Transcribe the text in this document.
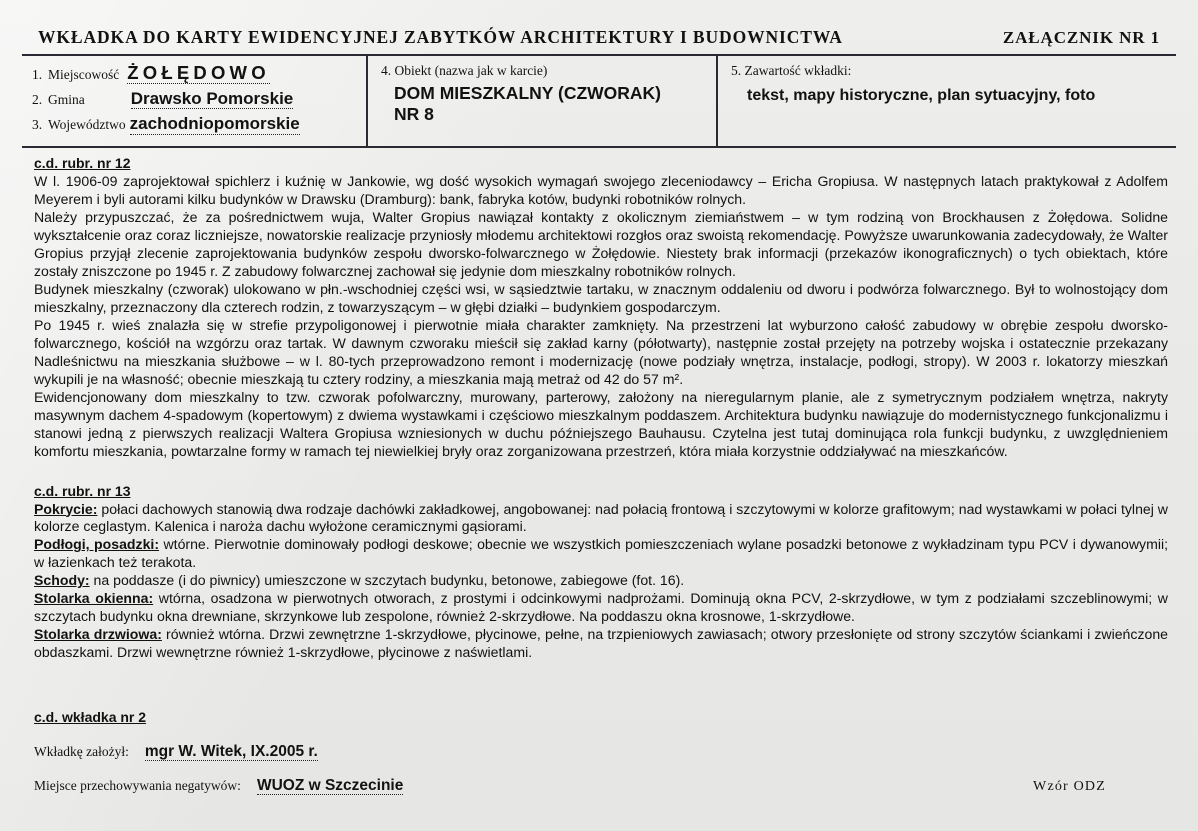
WKŁADKA DO KARTY EWIDENCYJNEJ ZABYTKÓW ARCHITEKTURY I BUDOWNICTWA	ZAŁĄCZNIK NR 1
1. Miejscowość ŻOŁĘDOWO
2. Gmina	Drawsko Pomorskie
3. Województwo zachodniopomorskie
4. Obiekt (nazwa jak w karcie)
DOM MIESZKALNY (CZWORAK)
NR 8
5. Zawartość wkładki:
tekst, mapy historyczne, plan sytuacyjny, foto
c.d. rubr. nr 12

W l. 1906-09 zaprojektował spichlerz i kuźnię w Jankowie, wg dość wysokich wymagań swojego zleceniodawcy – Ericha Gropiusa. W następnych latach praktykował z Adolfem Meyerem i byli autorami kilku budynków w Drawsku (Dramburg): bank, fabryka kotów, budynki robotników rolnych.

Należy przypuszczać, że za pośrednictwem wuja, Walter Gropius nawiązał kontakty z okolicznym ziemiaństwem – w tym rodziną von Brockhausen z Żołędowa. Solidne wykształcenie oraz coraz liczniejsze, nowatorskie realizacje przyniosły młodemu architektowi rozgłos oraz swoistą rekomendację. Powyższe uwarunkowania zadecydowały, że Walter Gropius przyjął zlecenie zaprojektowania budynków zespołu dworsko-folwarcznego w Żołędowie. Niestety brak informacji (przekazów ikonograficznych) o tych obiektach, które zostały zniszczone po 1945 r. Z zabudowy folwarcznej zachował się jedynie dom mieszkalny robotników rolnych.

Budynek mieszkalny (czworak) ulokowano w płn.-wschodniej części wsi, w sąsiedztwie tartaku, w znacznym oddaleniu od dworu i podwórza folwarcznego. Był to wolnostojący dom mieszkalny, przeznaczony dla czterech rodzin, z towarzyszącym – w głębi działki – budynkiem gospodarczym.

Po 1945 r. wieś znalazła się w strefie przypoligonowej i pierwotnie miała charakter zamknięty. Na przestrzeni lat wyburzono całość zabudowy w obrębie zespołu dworsko-folwarcznego, kościół na wzgórzu oraz tartak. W dawnym czworaku mieścił się zakład karny (półotwarty), następnie został przejęty na potrzeby wojska i ostatecznie przekazany Nadleśnictwu na mieszkania służbowe – w l. 80-tych przeprowadzono remont i modernizację (nowe podziały wnętrza, instalacje, podłogi, stropy). W 2003 r. lokatorzy mieszkań wykupili je na własność; obecnie mieszkają tu cztery rodziny, a mieszkania mają metraż od 42 do 57 m².

Ewidencjonowany dom mieszkalny to tzw. czworak pofolwarczny, murowany, parterowy, założony na nieregularnym planie, ale z symetrycznym podziałem wnętrza, nakryty masywnym dachem 4-spadowym (kopertowym) z dwiema wystawkami i częściowo mieszkalnym poddaszem. Architektura budynku nawiązuje do modernistycznego funkcjonalizmu i stanowi jedną z pierwszych realizacji Waltera Gropiusa wzniesionych w duchu późniejszego Bauhausu. Czytelna jest tutaj dominująca rola funkcji budynku, z uwzględnieniem komfortu mieszkania, powtarzalne formy w ramach tej niewielkiej bryły oraz zorganizowana przestrzeń, która miała korzystnie oddziaływać na mieszkańców.

c.d. rubr. nr 13

Pokrycie: połaci dachowych stanowią dwa rodzaje dachówki zakładkowej, angobowanej: nad połacią frontową i szczytowymi w kolorze grafitowym; nad wystawkami w połaci tylnej w kolorze ceglastym. Kalenica i naroża dachu wyłożone ceramicznymi gąsiorami.

Podłogi, posadzki: wtórne. Pierwotnie dominowały podłogi deskowe; obecnie we wszystkich pomieszczeniach wylane posadzki betonowe z wykładzinam typu PCV i dywanowymii; w łazienkach też terakota.

Schody: na poddasze (i do piwnicy) umieszczone w szczytach budynku, betonowe, zabiegowe (fot. 16).

Stolarka okienna: wtórna, osadzona w pierwotnych otworach, z prostymi i odcinkowymi nadprożami. Dominują okna PCV, 2-skrzydłowe, w tym z podziałami szczeblinowymi; w szczytach budynku okna drewniane, skrzynkowe lub zespolone, również 2-skrzydłowe. Na poddaszu okna krosnowe, 1-skrzydłowe.

Stolarka drzwiowa: również wtórna. Drzwi zewnętrzne 1-skrzydłowe, płycinowe, pełne, na trzpieniowych zawiasach; otwory przesłonięte od strony szczytów ściankami i zwieńczone obdaszkami. Drzwi wewnętrzne również 1-skrzydłowe, płycinowe z naświetlami.

c.d. wkładka nr 2
Wkładkę założył: mgr W. Witek, IX.2005 r.
Miejsce przechowywania negatywów: WUOZ w Szczecinie	Wzór ODZ
